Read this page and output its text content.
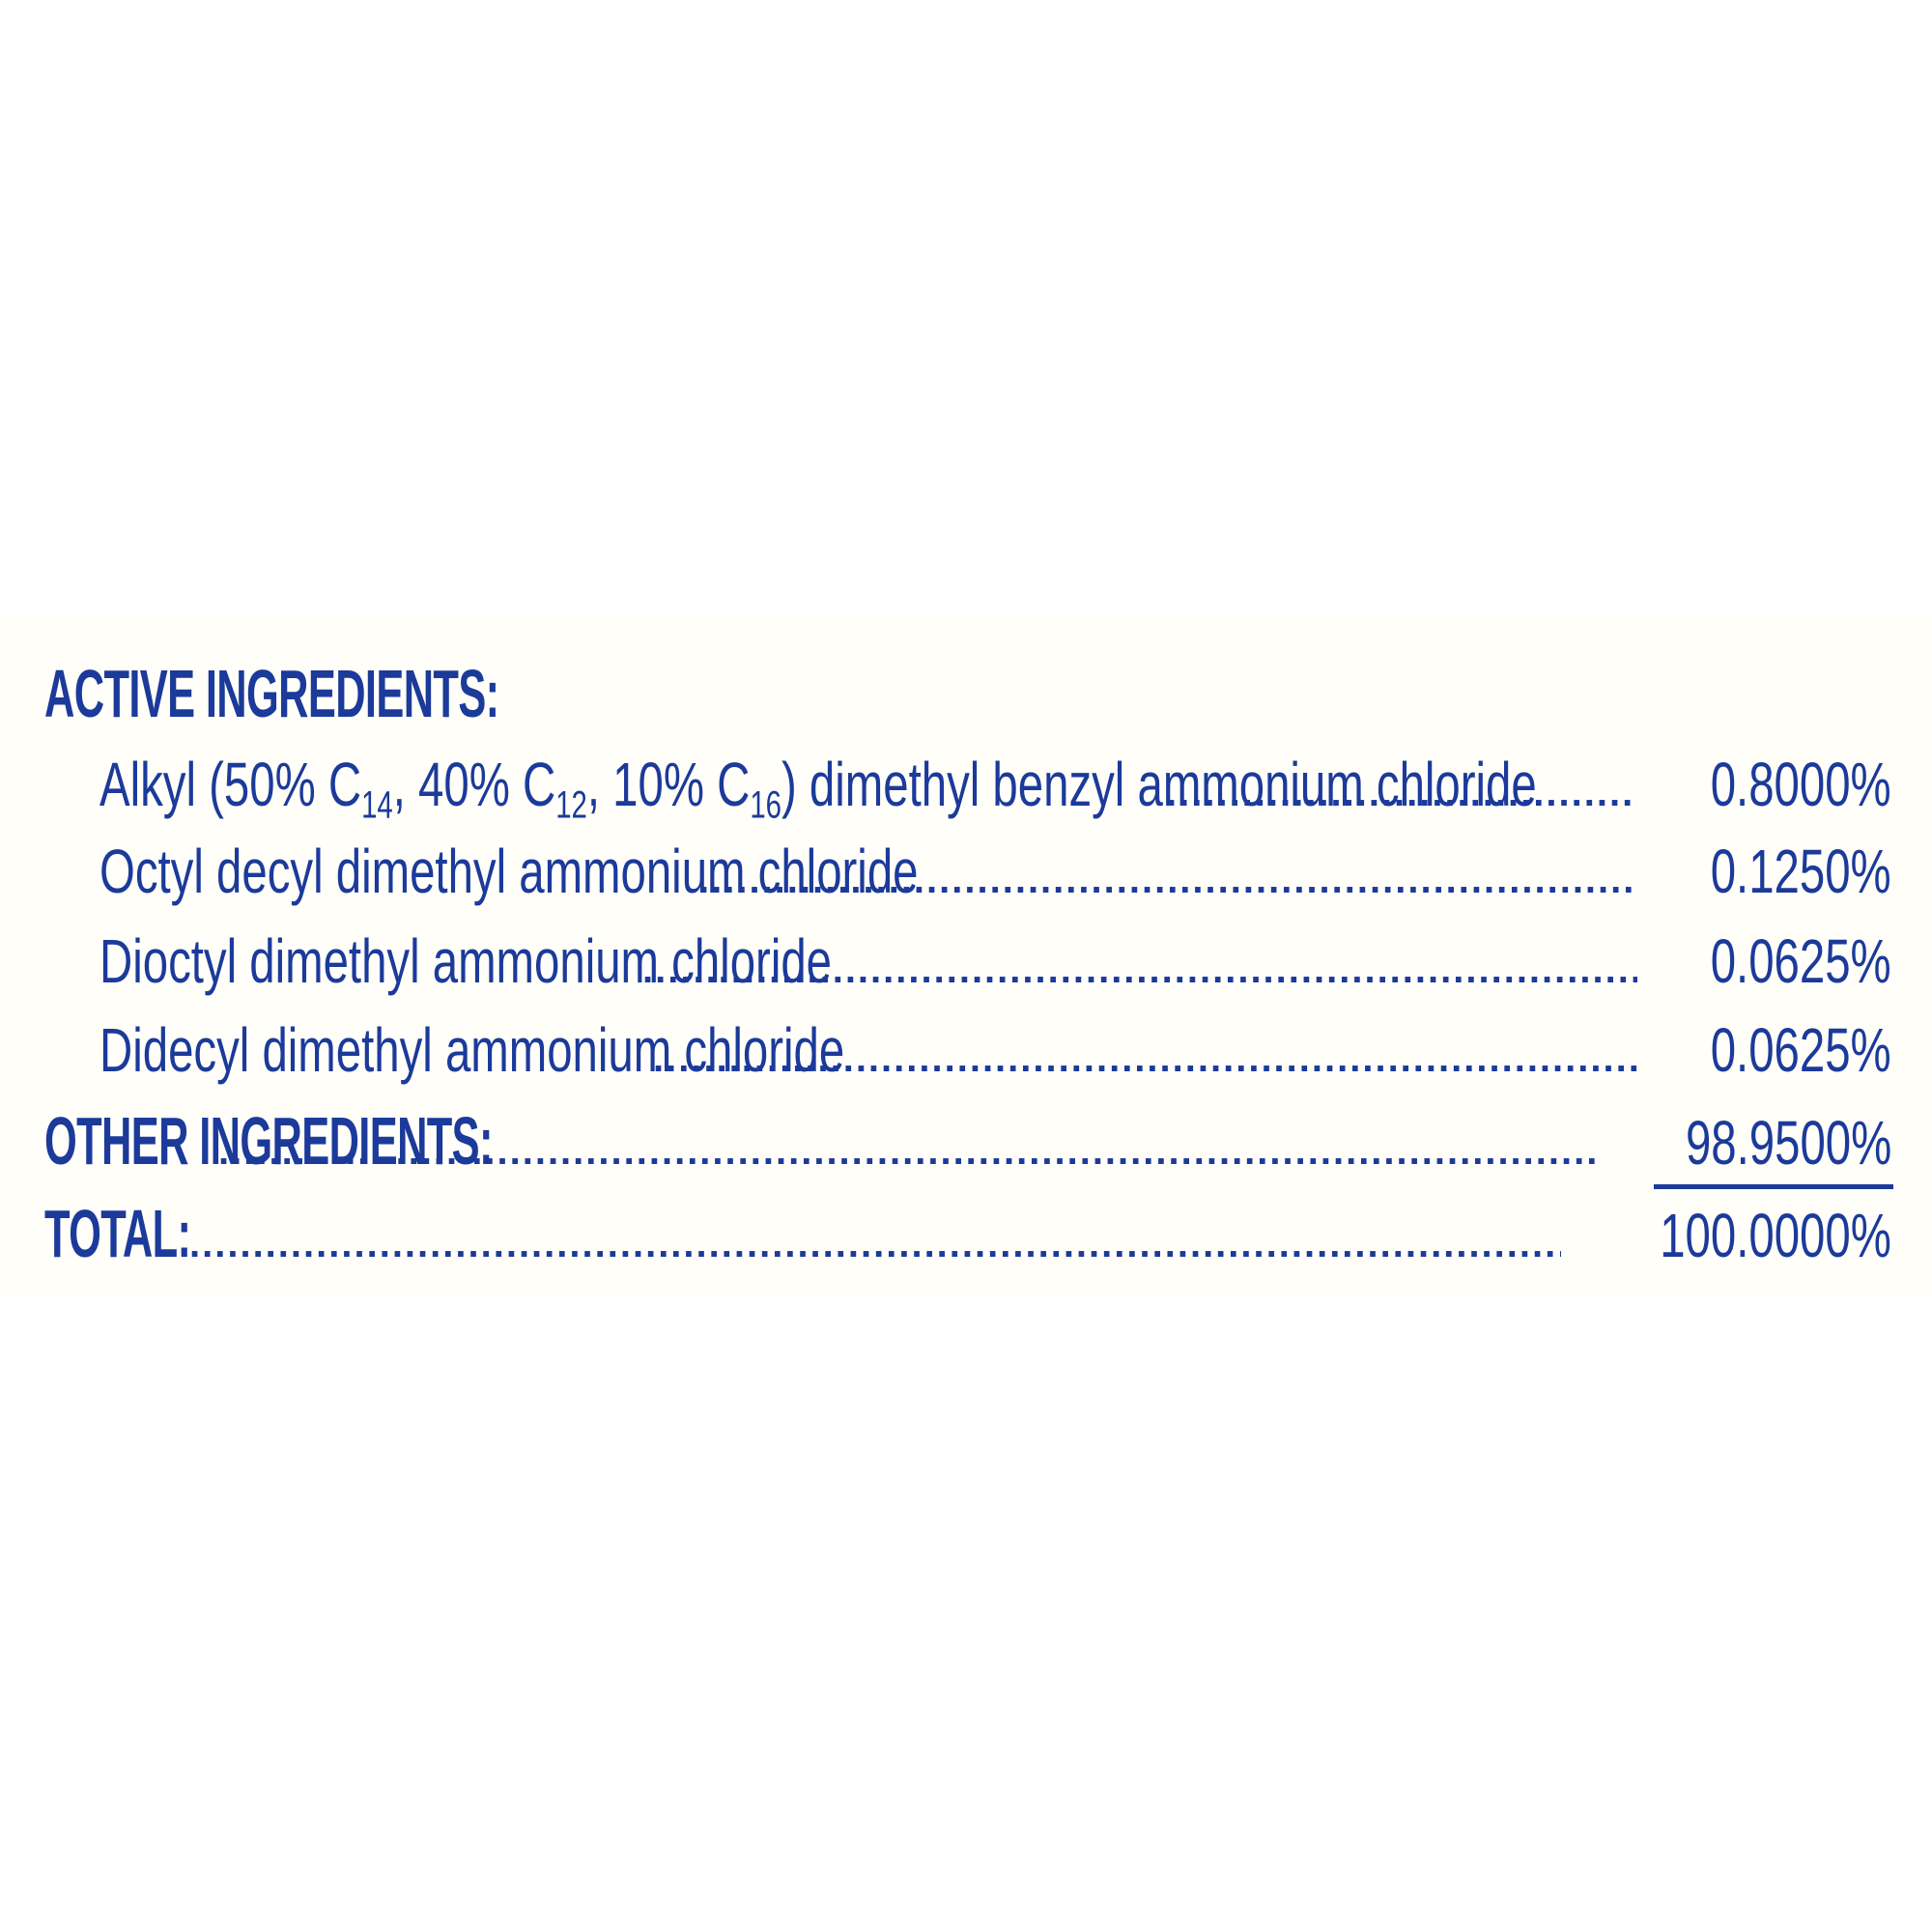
ACTIVE INGREDIENTS:
Alkyl (50% $C_{14}$, 40% $C_{12}$, 10% $C_{16}$) dimethyl benzyl ammonium chloride .....	0.8000%
Octyl decyl dimethyl ammonium chloride .....	0.1250%
Dioctyl dimethyl ammonium chloride .....	0.0625%
Didecyl dimethyl ammonium chloride .....	0.0625%
OTHER INGREDIENTS: .....	98.9500%
TOTAL: .....	100.0000%
